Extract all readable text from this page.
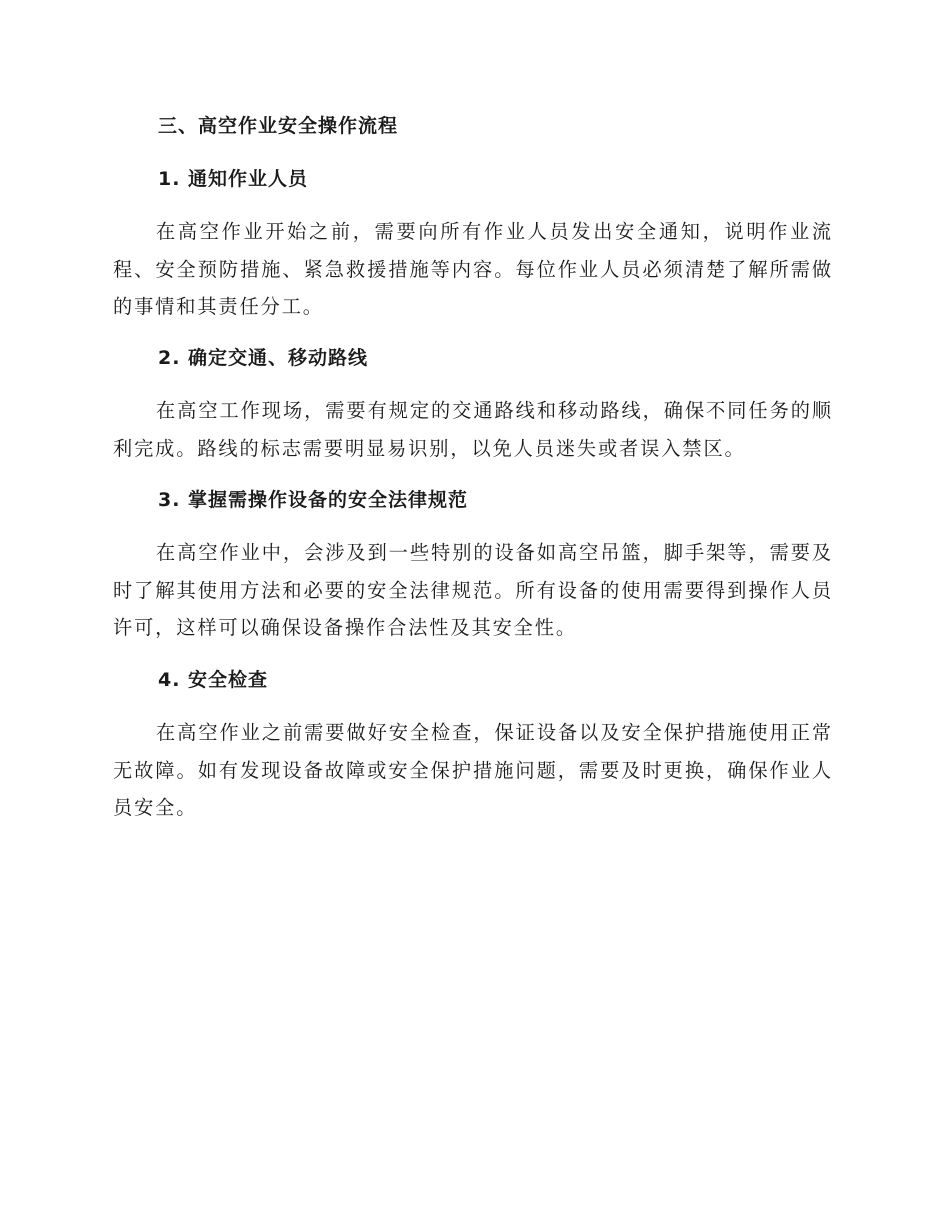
三、高空作业安全操作流程
1. 通知作业人员

在高空作业开始之前，需要向所有作业人员发出安全通知，说明作业流程、安全预防措施、紧急救援措施等内容。每位作业人员必须清楚了解所需做的事情和其责任分工。

2. 确定交通、移动路线

在高空工作现场，需要有规定的交通路线和移动路线，确保不同任务的顺利完成。路线的标志需要明显易识别，以免人员迷失或者误入禁区。

3. 掌握需操作设备的安全法律规范

在高空作业中，会涉及到一些特别的设备如高空吊篮，脚手架等，需要及时了解其使用方法和必要的安全法律规范。所有设备的使用需要得到操作人员许可，这样可以确保设备操作合法性及其安全性。

4. 安全检查

在高空作业之前需要做好安全检查，保证设备以及安全保护措施使用正常无故障。如有发现设备故障或安全保护措施问题，需要及时更换，确保作业人员安全。
